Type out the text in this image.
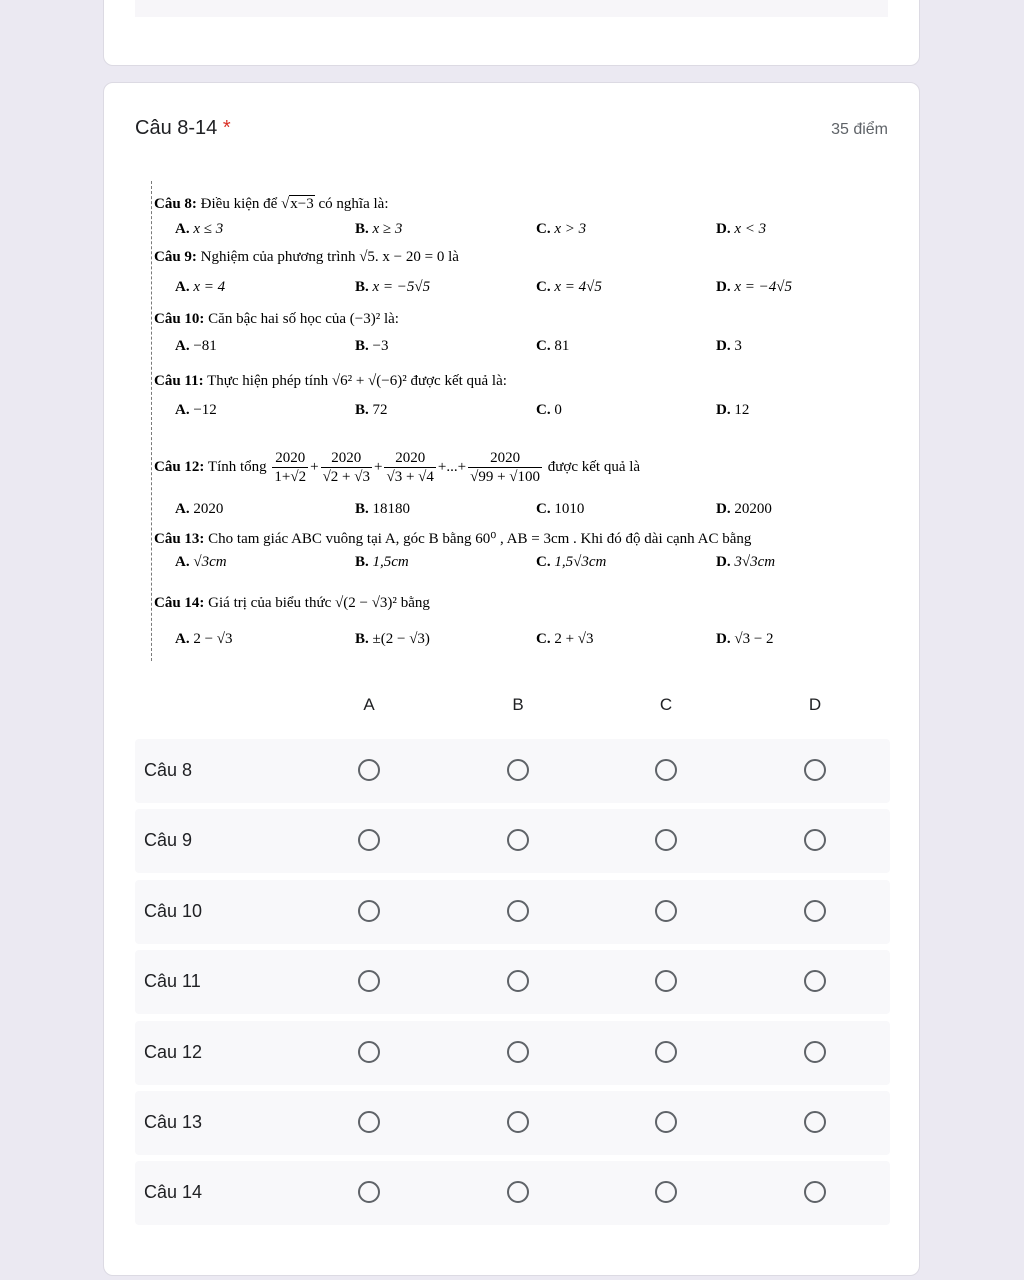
Câu 8-14 *	35 điểm
Câu 8: Điều kiện để √x−3 có nghĩa là:
A. x ≤ 3	B. x ≥ 3	C. x > 3	D. x < 3
Câu 9: Nghiệm của phương trình √5. x − 20 = 0 là
A. x = 4	B. x = −5√5	C. x = 4√5	D. x = −4√5
Câu 10: Căn bậc hai số học của (−3)² là:
A. −81	B. −3	C. 81	D. 3
Câu 11: Thực hiện phép tính √6² + √(−6)² được kết quả là:
A. −12	B. 72	C. 0	D. 12
Câu 12: Tính tổng $\frac{2020}{1+√2} + \frac{2020}{√2 + √3} + \frac{2020}{√3 + √4}$ +...+ $\frac{2020}{√99 + √100}$ được kết quả là
A. 2020	B. 18180	C. 1010	D. 20200
Câu 13: Cho tam giác ABC vuông tại A, góc B bằng 60⁰ , AB = 3cm . Khi đó độ dài cạnh AC bằng
A. √3cm	B. 1,5cm	C. 1,5√3cm	D. 3√3cm
Câu 14: Giá trị của biểu thức √(2 − √3)² bằng
A. 2 − √3	B. ±(2 − √3)	C. 2 + √3	D. √3 − 2
A	B	C	D
Câu 8
Câu 9
Câu 10
Câu 11
Cau 12
Câu 13
Câu 14
